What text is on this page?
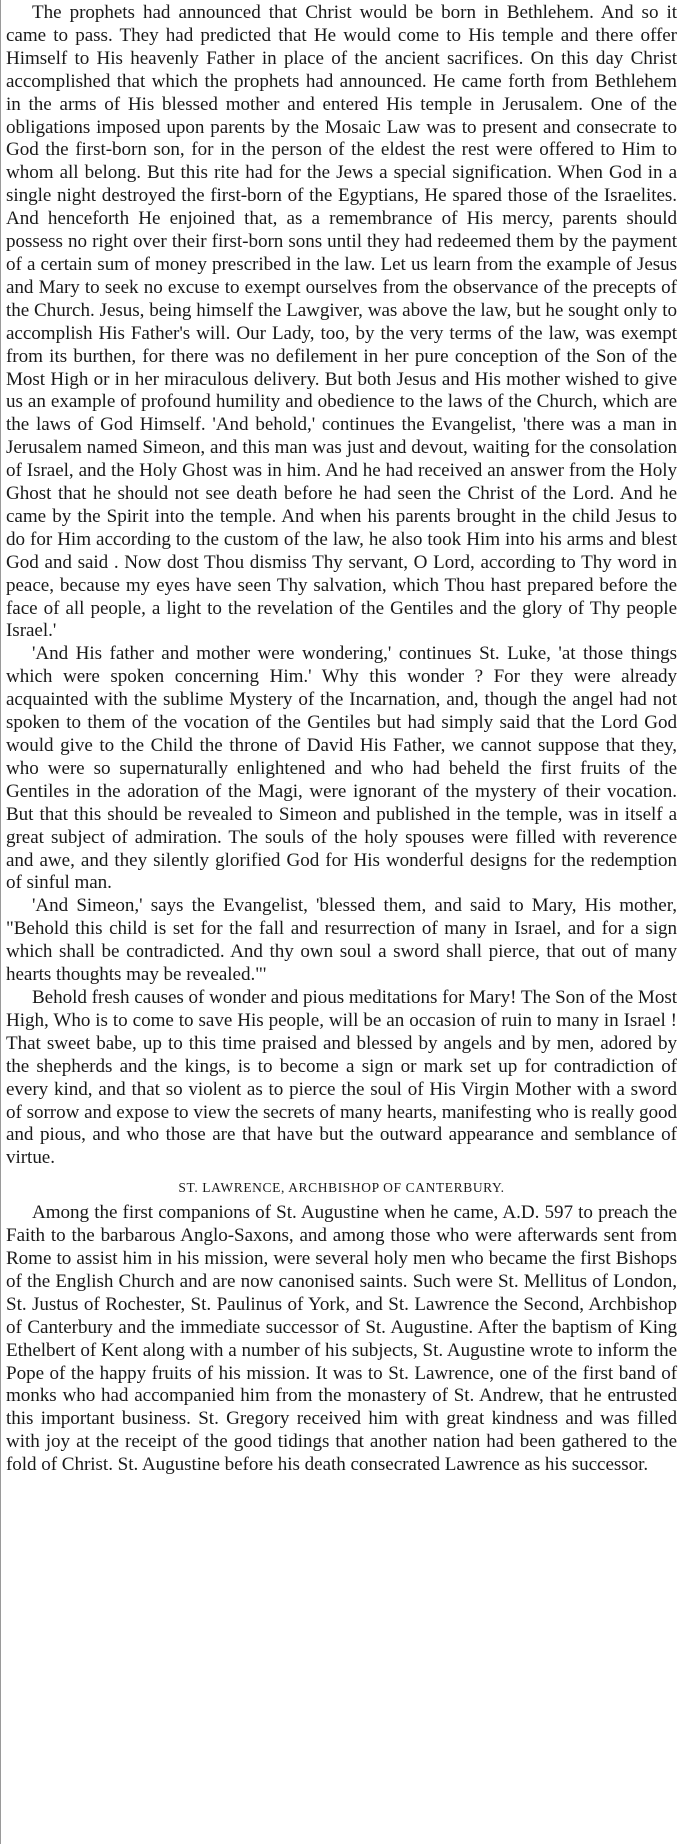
The prophets had announced that Christ would be born in Bethlehem. And so it came to pass. They had predicted that He would come to His temple and there offer Himself to His heavenly Father in place of the ancient sacrifices. On this day Christ accomplished that which the prophets had announced. He came forth from Bethlehem in the arms of His blessed mother and entered His temple in Jerusalem. One of the obligations imposed upon parents by the Mosaic Law was to present and consecrate to God the first-born son, for in the person of the eldest the rest were offered to Him to whom all belong. But this rite had for the Jews a special signification. When God in a single night destroyed the first-born of the Egyptians, He spared those of the Israelites. And henceforth He enjoined that, as a remembrance of His mercy, parents should possess no right over their first-born sons until they had redeemed them by the payment of a certain sum of money prescribed in the law. Let us learn from the example of Jesus and Mary to seek no excuse to exempt ourselves from the observance of the precepts of the Church. Jesus, being himself the Lawgiver, was above the law, but he sought only to accomplish His Father's will. Our Lady, too, by the very terms of the law, was exempt from its burthen, for there was no defilement in her pure conception of the Son of the Most High or in her miraculous delivery. But both Jesus and His mother wished to give us an example of profound humility and obedience to the laws of the Church, which are the laws of God Himself. 'And behold,' continues the Evangelist, 'there was a man in Jerusalem named Simeon, and this man was just and devout, waiting for the consolation of Israel, and the Holy Ghost was in him. And he had received an answer from the Holy Ghost that he should not see death before he had seen the Christ of the Lord. And he came by the Spirit into the temple. And when his parents brought in the child Jesus to do for Him according to the custom of the law, he also took Him into his arms and blest God and said . Now dost Thou dismiss Thy servant, O Lord, according to Thy word in peace, because my eyes have seen Thy salvation, which Thou hast prepared before the face of all people, a light to the revelation of the Gentiles and the glory of Thy people Israel.'

'And His father and mother were wondering,' continues St. Luke, 'at those things which were spoken concerning Him.' Why this wonder ? For they were already acquainted with the sublime Mystery of the Incarnation, and, though the angel had not spoken to them of the vocation of the Gentiles but had simply said that the Lord God would give to the Child the throne of David His Father, we cannot suppose that they, who were so supernaturally enlightened and who had beheld the first fruits of the Gentiles in the adoration of the Magi, were ignorant of the mystery of their vocation. But that this should be revealed to Simeon and published in the temple, was in itself a great subject of admiration. The souls of the holy spouses were filled with reverence and awe, and they silently glorified God for His wonderful designs for the redemption of sinful man.

'And Simeon,' says the Evangelist, 'blessed them, and said to Mary, His mother, "Behold this child is set for the fall and resurrection of many in Israel, and for a sign which shall be contradicted. And thy own soul a sword shall pierce, that out of many hearts thoughts may be revealed."'

Behold fresh causes of wonder and pious meditations for Mary! The Son of the Most High, Who is to come to save His people, will be an occasion of ruin to many in Israel ! That sweet babe, up to this time praised and blessed by angels and by men, adored by the shepherds and the kings, is to become a sign or mark set up for contradiction of every kind, and that so violent as to pierce the soul of His Virgin Mother with a sword of sorrow and expose to view the secrets of many hearts, manifesting who is really good and pious, and who those are that have but the outward appearance and semblance of virtue.

ST. LAWRENCE, ARCHBISHOP OF CANTERBURY.

Among the first companions of St. Augustine when he came, A.D. 597 to preach the Faith to the barbarous Anglo-Saxons, and among those who were afterwards sent from Rome to assist him in his mission, were several holy men who became the first Bishops of the English Church and are now canonised saints. Such were St. Mellitus of London, St. Justus of Rochester, St. Paulinus of York, and St. Lawrence the Second, Archbishop of Canterbury and the immediate successor of St. Augustine. After the baptism of King Ethelbert of Kent along with a number of his subjects, St. Augustine wrote to inform the Pope of the happy fruits of his mission. It was to St. Lawrence, one of the first band of monks who had accompanied him from the monastery of St. Andrew, that he entrusted this important business. St. Gregory received him with great kindness and was filled with joy at the receipt of the good tidings that another nation had been gathered to the fold of Christ. St. Augustine before his death consecrated Lawrence as his successor.
